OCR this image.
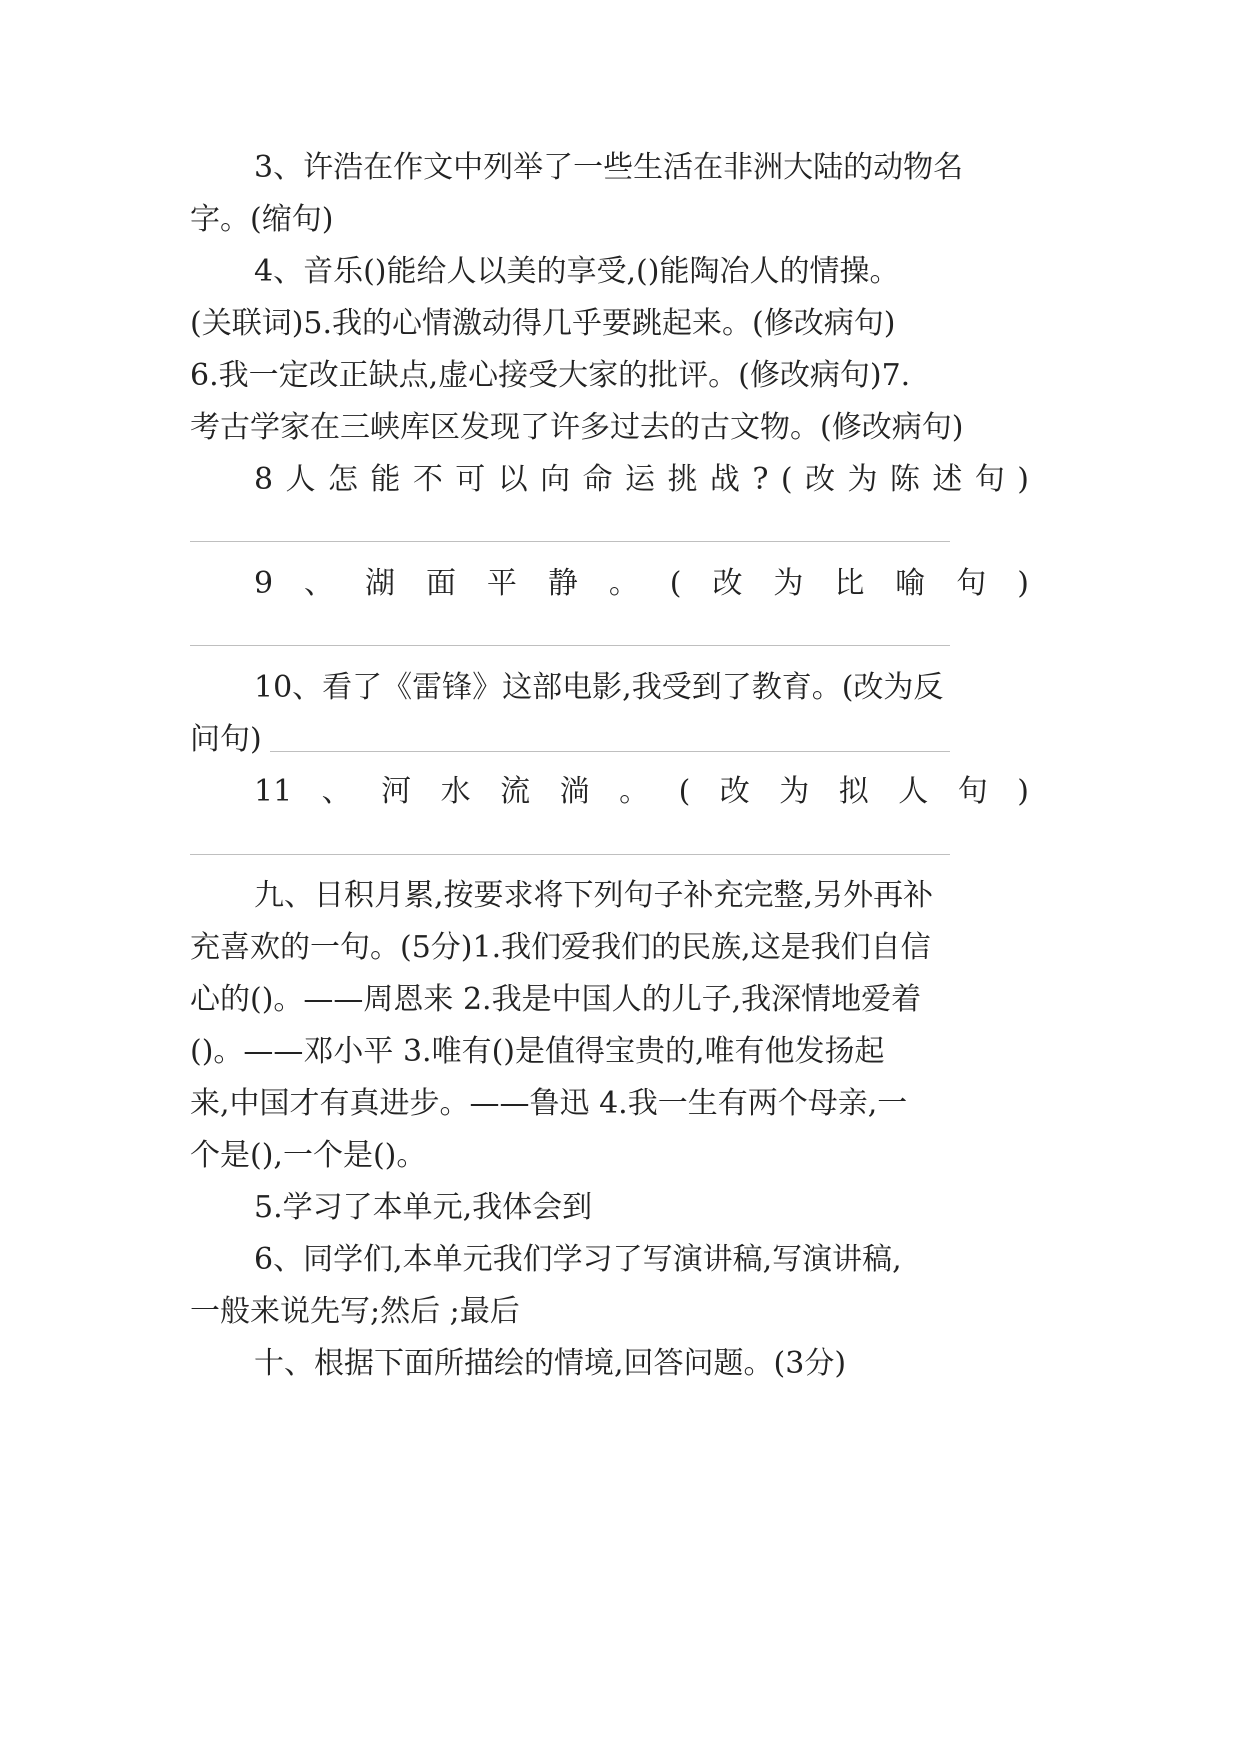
3、许浩在作文中列举了一些生活在非洲大陆的动物名
字。(缩句)
4、音乐()能给人以美的享受,()能陶冶人的情操。
(关联词)5.我的心情激动得几乎要跳起来。(修改病句)
6.我一定改正缺点,虚心接受大家的批评。(修改病句)7.
考古学家在三峡库区发现了许多过去的古文物。(修改病句)
8 人 怎 能 不 可 以 向 命 运 挑 战 ? ( 改 为 陈 述 句 )
9 、 湖 面 平 静 。 ( 改 为 比 喻 句 )
10、看了《雷锋》这部电影,我受到了教育。(改为反
问句)
11 、 河 水 流 淌 。 ( 改 为 拟 人 句 )
九、日积月累,按要求将下列句子补充完整,另外再补
充喜欢的一句。(5分)1.我们爱我们的民族,这是我们自信
心的()。——周恩来 2.我是中国人的儿子,我深情地爱着
()。——邓小平 3.唯有()是值得宝贵的,唯有他发扬起
来,中国才有真进步。——鲁迅 4.我一生有两个母亲,一
个是(),一个是()。
5.学习了本单元,我体会到
6、同学们,本单元我们学习了写演讲稿,写演讲稿,
一般来说先写;然后 ;最后
十、根据下面所描绘的情境,回答问题。(3分)
